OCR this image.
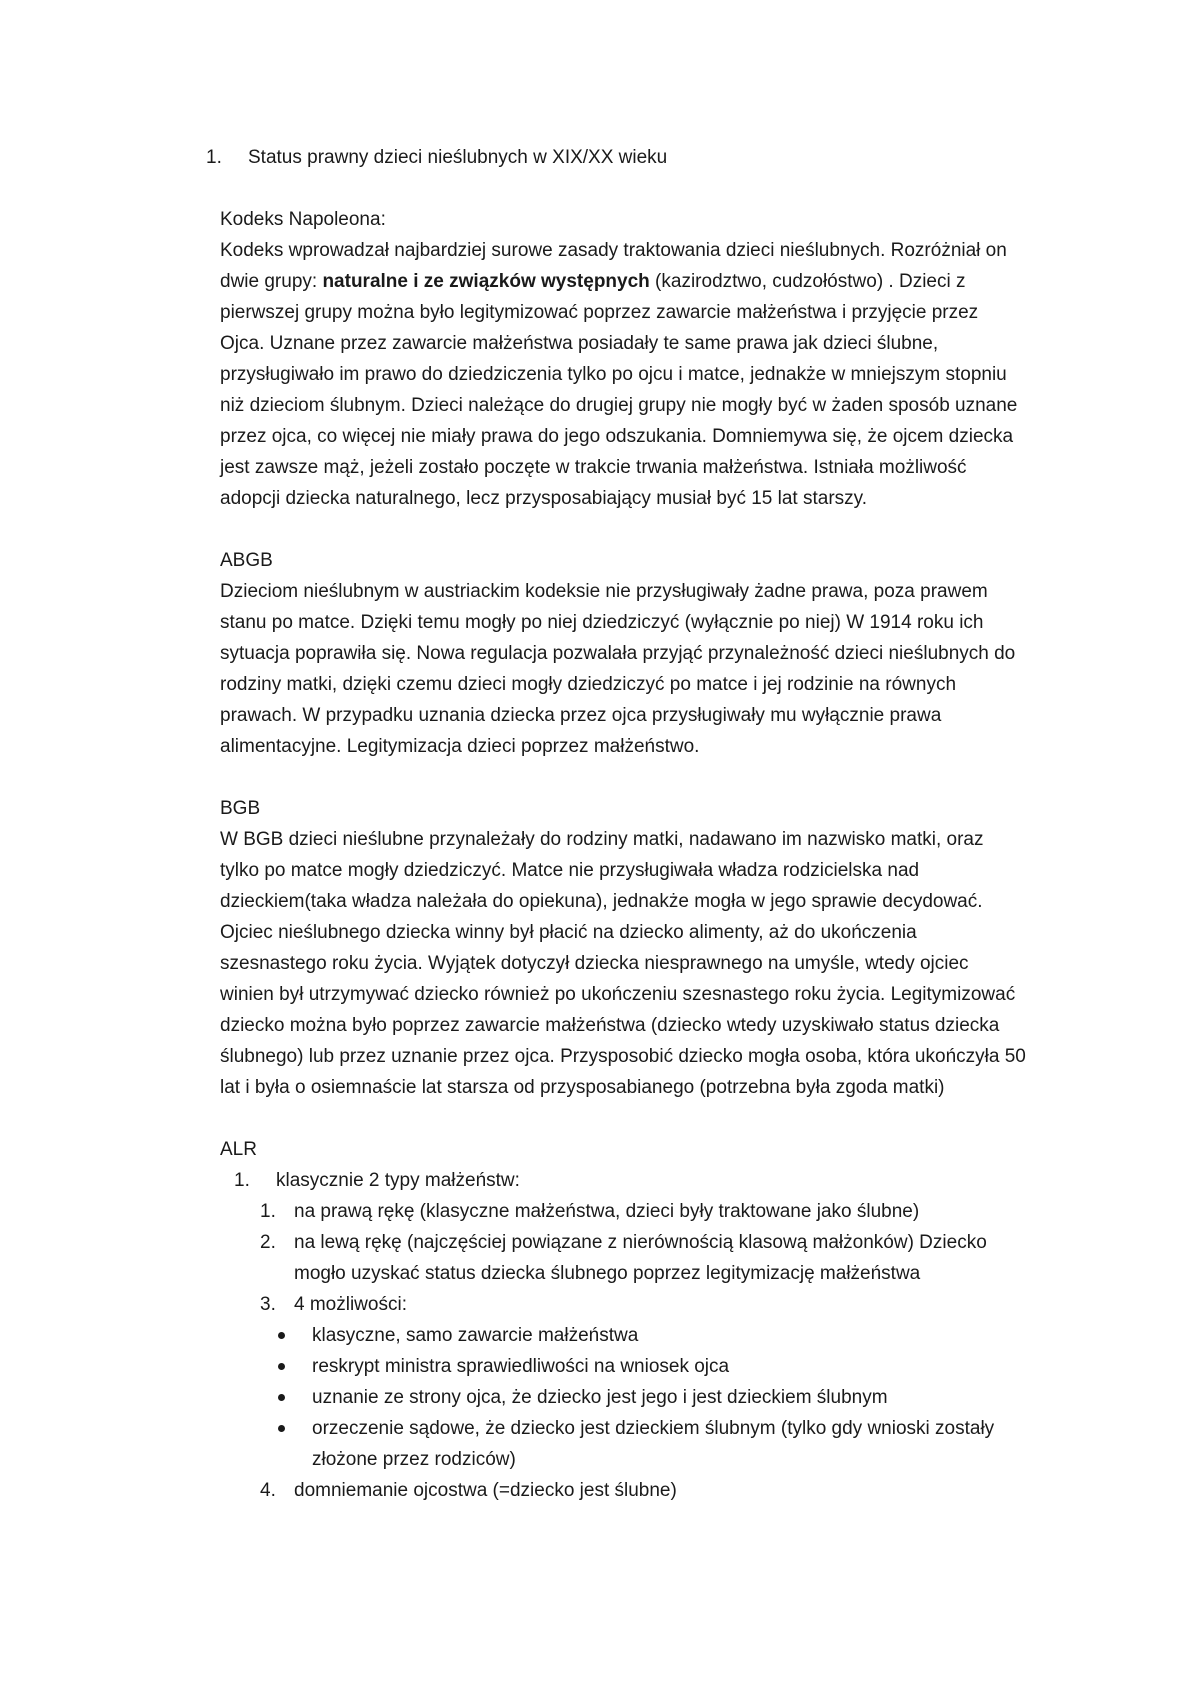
1. Status prawny dzieci nieślubnych w XIX/XX wieku
Kodeks Napoleona:
Kodeks wprowadzał najbardziej surowe zasady traktowania dzieci nieślubnych. Rozróżniał on
dwie grupy: naturalne i ze związków występnych (kazirodztwo, cudzołóstwo) . Dzieci z
pierwszej grupy można było legitymizować poprzez zawarcie małżeństwa i przyjęcie przez
Ojca. Uznane przez zawarcie małżeństwa posiadały te same prawa jak dzieci ślubne,
przysługiwało im prawo do dziedziczenia tylko po ojcu i matce, jednakże w mniejszym stopniu
niż dzieciom ślubnym. Dzieci należące do drugiej grupy nie mogły być w żaden sposób uznane
przez ojca, co więcej nie miały prawa do jego odszukania. Domniemywa się, że ojcem dziecka
jest zawsze mąż, jeżeli zostało poczęte w trakcie trwania małżeństwa. Istniała możliwość
adopcji dziecka naturalnego, lecz przysposabiający musiał być 15 lat starszy.
ABGB
Dzieciom nieślubnym w austriackim kodeksie nie przysługiwały żadne prawa, poza prawem
stanu po matce. Dzięki temu mogły po niej dziedziczyć (wyłącznie po niej) W 1914 roku ich
sytuacja poprawiła się. Nowa regulacja pozwalała przyjąć przynależność dzieci nieślubnych do
rodziny matki, dzięki czemu dzieci mogły dziedziczyć po matce i jej rodzinie na równych
prawach. W przypadku uznania dziecka przez ojca przysługiwały mu wyłącznie prawa
alimentacyjne. Legitymizacja dzieci poprzez małżeństwo.
BGB
W BGB dzieci nieślubne przynależały do rodziny matki, nadawano im nazwisko matki, oraz
tylko po matce mogły dziedziczyć. Matce nie przysługiwała władza rodzicielska nad
dzieckiem(taka władza należała do opiekuna), jednakże mogła w jego sprawie decydować.
Ojciec nieślubnego dziecka winny był płacić na dziecko alimenty, aż do ukończenia
szesnastego roku życia. Wyjątek dotyczył dziecka niesprawnego na umyśle, wtedy ojciec
winien był utrzymywać dziecko również po ukończeniu szesnastego roku życia. Legitymizować
dziecko można było poprzez zawarcie małżeństwa (dziecko wtedy uzyskiwało status dziecka
ślubnego) lub przez uznanie przez ojca. Przysposobić dziecko mogła osoba, która ukończyła 50
lat i była o osiemnaście lat starsza od przysposabianego (potrzebna była zgoda matki)
ALR
1. klasycznie 2 typy małżeństw:
1. na prawą rękę (klasyczne małżeństwa, dzieci były traktowane jako ślubne)
2. na lewą rękę (najczęściej powiązane z nierównością klasową małżonków) Dziecko
mogło uzyskać status dziecka ślubnego poprzez legitymizację małżeństwa
3. 4 możliwości:
klasyczne, samo zawarcie małżeństwa
reskrypt ministra sprawiedliwości na wniosek ojca
uznanie ze strony ojca, że dziecko jest jego i jest dzieckiem ślubnym
orzeczenie sądowe, że dziecko jest dzieckiem ślubnym (tylko gdy wnioski zostały
złożone przez rodziców)
4. domniemanie ojcostwa (=dziecko jest ślubne)
